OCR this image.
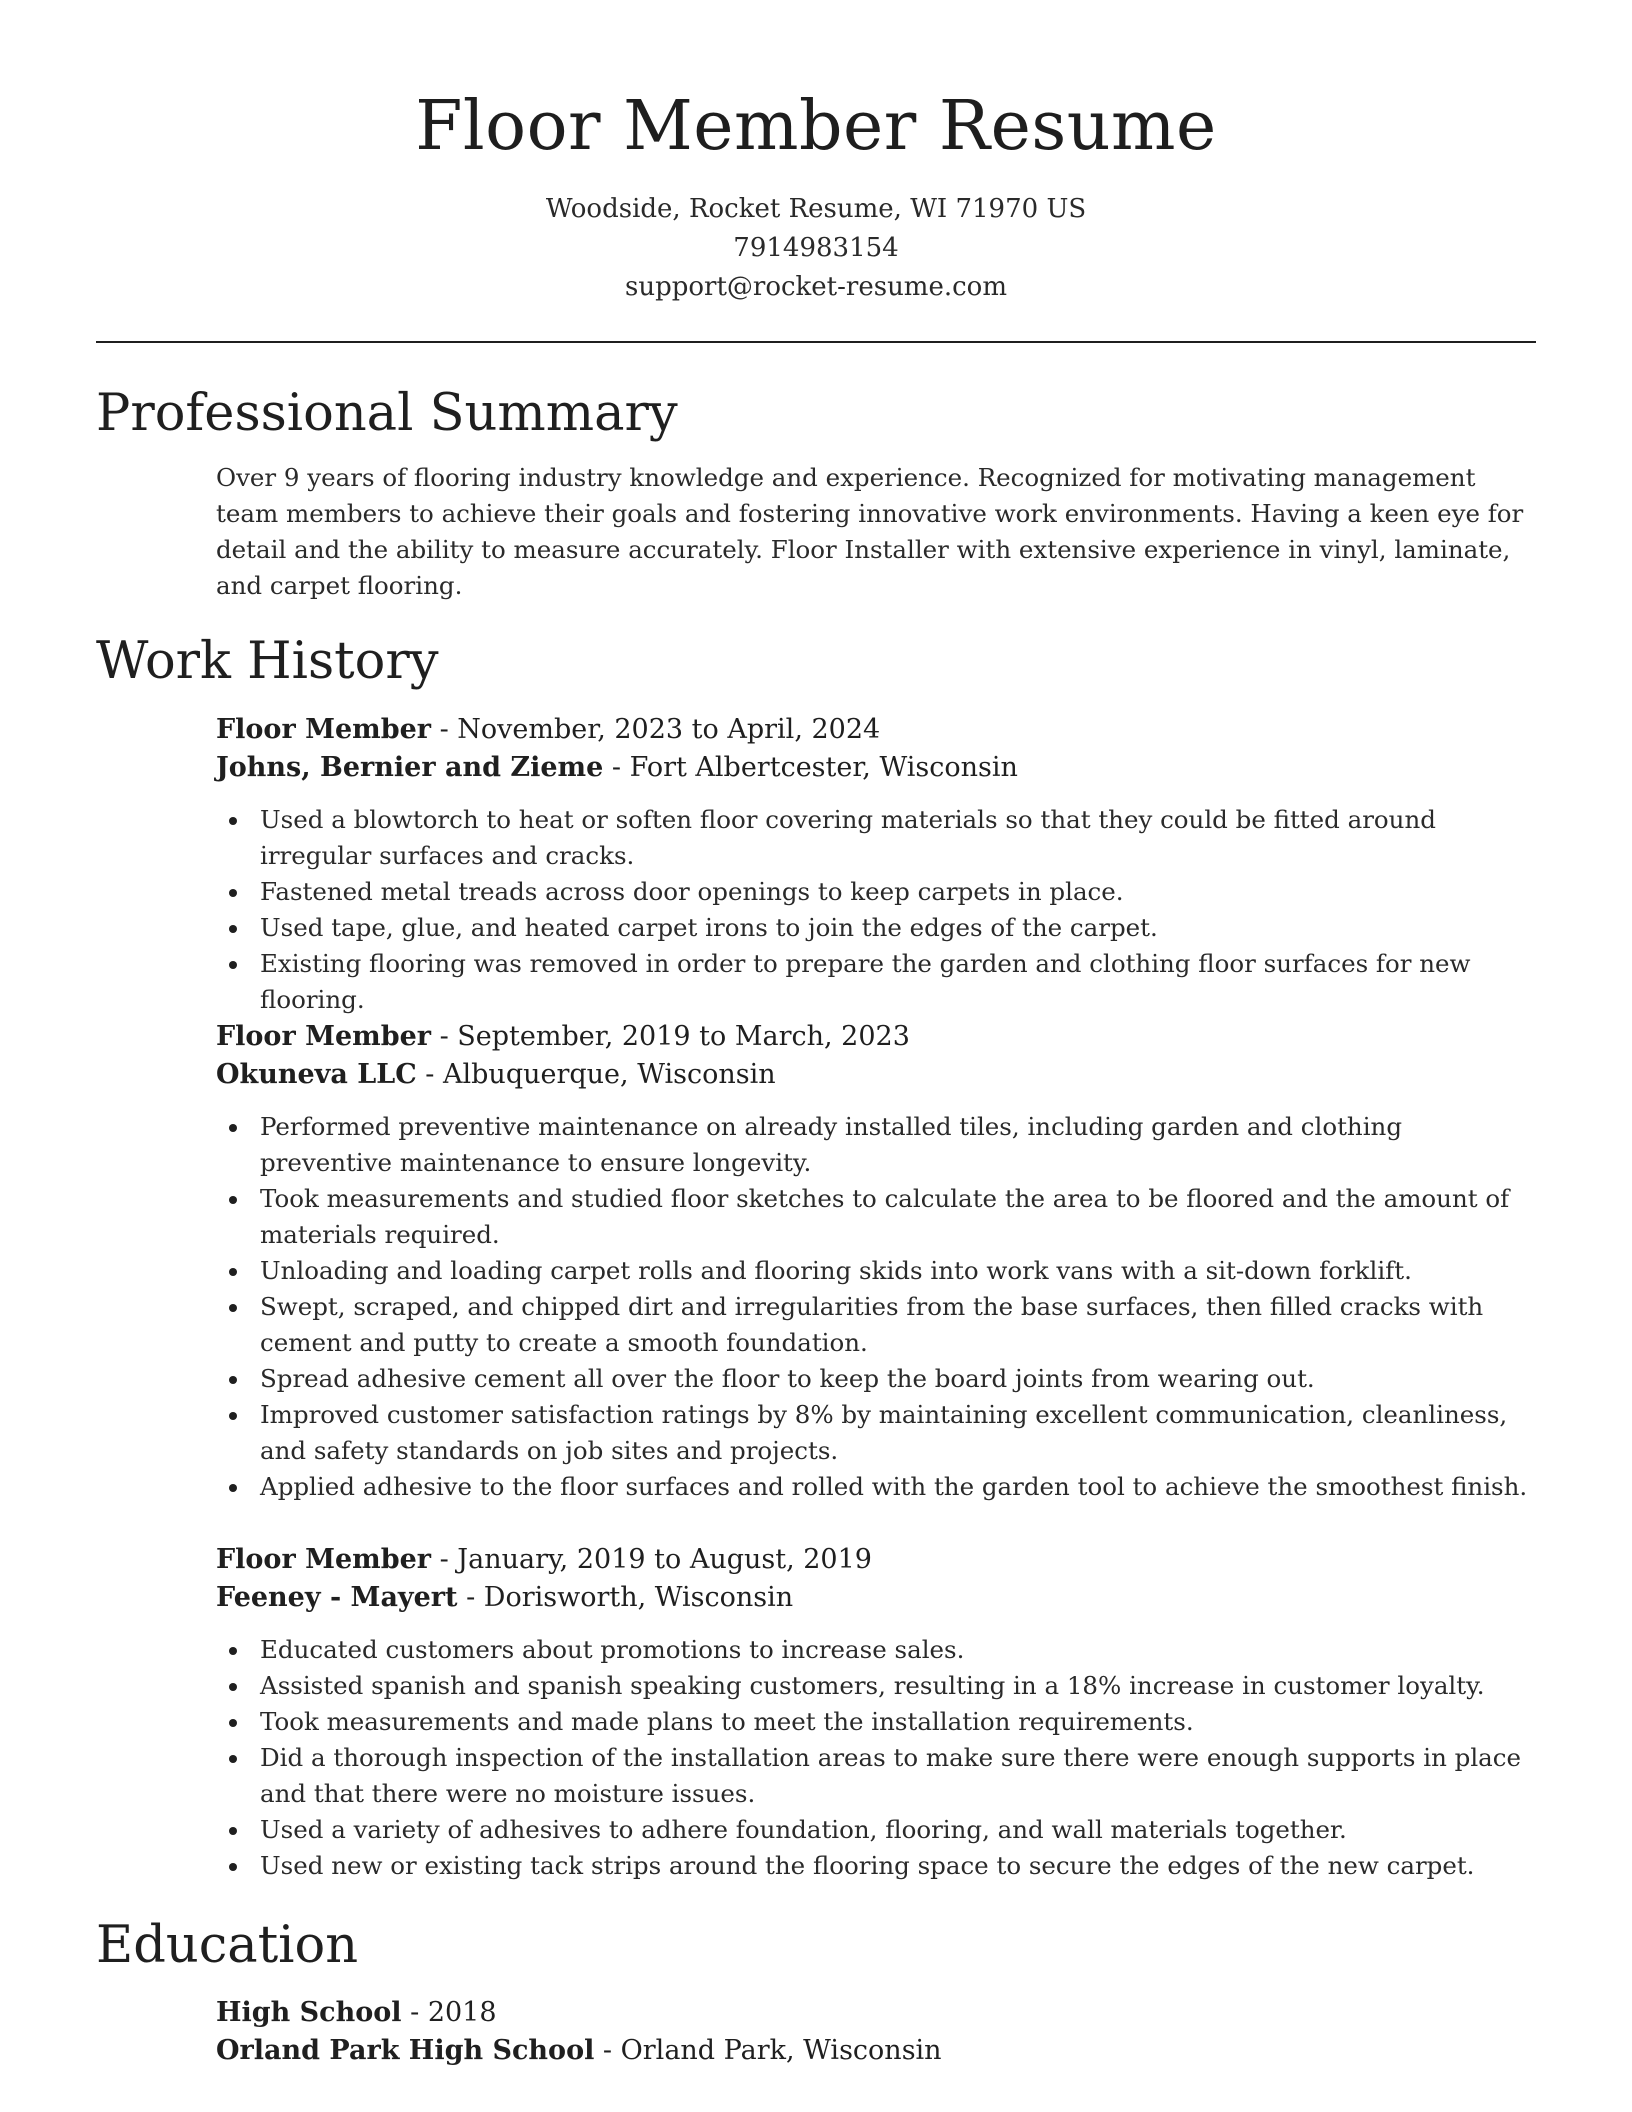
Floor Member Resume
Woodside, Rocket Resume, WI 71970 US
7914983154
support@rocket-resume.com
Professional Summary

Over 9 years of flooring industry knowledge and experience. Recognized for motivating management team members to achieve their goals and fostering innovative work environments. Having a keen eye for detail and the ability to measure accurately. Floor Installer with extensive experience in vinyl, laminate, and carpet flooring.

Work History
Floor Member - November, 2023 to April, 2024
Johns, Bernier and Zieme - Fort Albertcester, Wisconsin
Used a blowtorch to heat or soften floor covering materials so that they could be fitted around irregular surfaces and cracks.
Fastened metal treads across door openings to keep carpets in place.
Used tape, glue, and heated carpet irons to join the edges of the carpet.
Existing flooring was removed in order to prepare the garden and clothing floor surfaces for new flooring.
Floor Member - September, 2019 to March, 2023
Okuneva LLC - Albuquerque, Wisconsin
Performed preventive maintenance on already installed tiles, including garden and clothing preventive maintenance to ensure longevity.
Took measurements and studied floor sketches to calculate the area to be floored and the amount of materials required.
Unloading and loading carpet rolls and flooring skids into work vans with a sit-down forklift.
Swept, scraped, and chipped dirt and irregularities from the base surfaces, then filled cracks with cement and putty to create a smooth foundation.
Spread adhesive cement all over the floor to keep the board joints from wearing out.
Improved customer satisfaction ratings by 8% by maintaining excellent communication, cleanliness, and safety standards on job sites and projects.
Applied adhesive to the floor surfaces and rolled with the garden tool to achieve the smoothest finish.
Floor Member - January, 2019 to August, 2019
Feeney - Mayert - Dorisworth, Wisconsin
Educated customers about promotions to increase sales.
Assisted spanish and spanish speaking customers, resulting in a 18% increase in customer loyalty.
Took measurements and made plans to meet the installation requirements.
Did a thorough inspection of the installation areas to make sure there were enough supports in place and that there were no moisture issues.
Used a variety of adhesives to adhere foundation, flooring, and wall materials together.
Used new or existing tack strips around the flooring space to secure the edges of the new carpet.
Education
High School - 2018
Orland Park High School - Orland Park, Wisconsin
